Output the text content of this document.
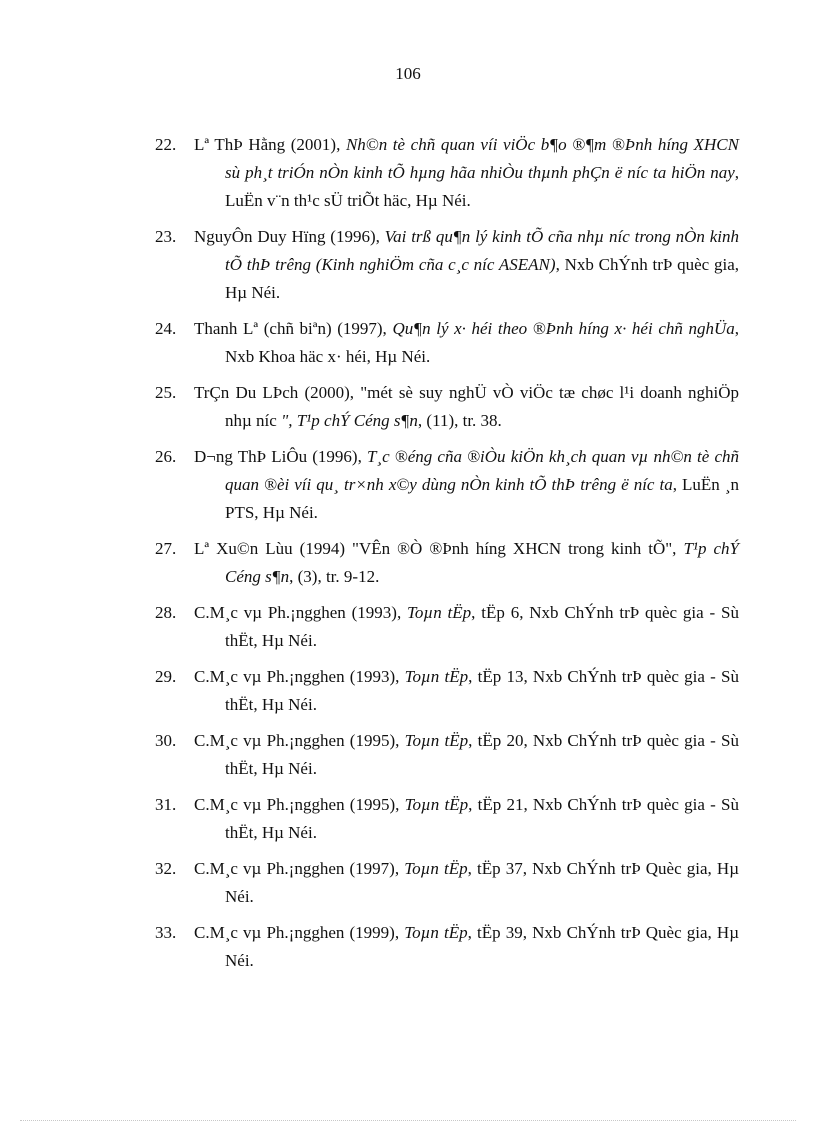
106
22.	Lª ThÞ Hằng (2001), Nh©n tè chñ quan víi viÖc b¶o ®¶m ®Þnh híng XHCN sù ph¸t triÓn nÒn kinh tÕ hµng hãa nhiÒu thµnh phÇn ë níc ta hiÖn nay, LuËn v¨n th¹c sÜ triÕt häc, Hµ Néi.
23.	NguyÔn Duy Hïng (1996), Vai trß qu¶n lý kinh tÕ cña nhµ níc trong nÒn kinh tÕ thÞ trêng (Kinh nghiÖm cña c¸c níc ASEAN), Nxb ChÝnh trÞ quèc gia, Hµ Néi.
24.	Thanh Lª (chñ biªn) (1997), Qu¶n lý x· héi theo ®Þnh híng x· héi chñ nghÜa, Nxb Khoa häc x· héi, Hµ Néi.
25.	TrÇn Du LÞch (2000), "mét sè suy nghÜ vÒ viÖc tæ chøc l¹i doanh nghiÖp nhµ níc ", T¹p chÝ Céng s¶n, (11), tr. 38.
26.	D¬ng ThÞ LiÔu (1996), T¸c ®éng cña ®iÒu kiÖn kh¸ch quan vµ nh©n tè chñ quan ®èi víi qu¸ tr×nh x©y dùng nÒn kinh tÕ thÞ trêng ë níc ta, LuËn ¸n PTS, Hµ Néi.
27.	Lª Xu©n Lùu (1994) "VÊn ®Ò ®Þnh híng XHCN trong kinh tÕ", T¹p chÝ Céng s¶n, (3), tr. 9-12.
28.	C.M¸c vµ Ph.¡ngghen (1993), Toµn tËp, tËp 6, Nxb ChÝnh trÞ quèc gia - Sù thËt, Hµ Néi.
29.	C.M¸c vµ Ph.¡ngghen (1993), Toµn tËp, tËp 13, Nxb ChÝnh trÞ quèc gia - Sù thËt, Hµ Néi.
30.	C.M¸c vµ Ph.¡ngghen (1995), Toµn tËp, tËp 20, Nxb ChÝnh trÞ quèc gia - Sù thËt, Hµ Néi.
31.	C.M¸c vµ Ph.¡ngghen (1995), Toµn tËp, tËp 21, Nxb ChÝnh trÞ quèc gia - Sù thËt, Hµ Néi.
32.	C.M¸c vµ Ph.¡ngghen (1997), Toµn tËp, tËp 37, Nxb ChÝnh trÞ Quèc gia, Hµ Néi.
33.	C.M¸c vµ Ph.¡ngghen (1999), Toµn tËp, tËp 39, Nxb ChÝnh trÞ Quèc gia, Hµ Néi.
